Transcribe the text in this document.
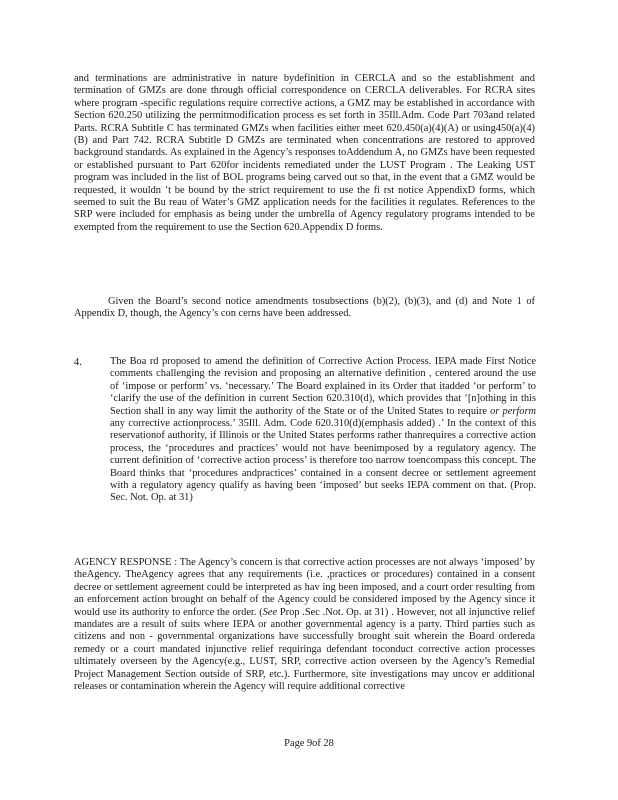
and terminations are administrative in nature bydefinition in CERCLA and so the establishment and termination of GMZs are done through official correspondence on CERCLA deliverables. For RCRA sites where program -specific regulations require corrective actions, a GMZ may be established in accordance with Section 620.250 utilizing the permitmodification process es set forth in 35Ill.Adm. Code Part 703and related Parts. RCRA Subtitle C has terminated GMZs when facilities either meet 620.450(a)(4)(A) or using450(a)(4)(B) and Part 742. RCRA Subtitle D GMZs are terminated when concentrations are restored to approved background standards. As explained in the Agency’s responses toAddendum A, no GMZs have been requested or established pursuant to Part 620for incidents remediated under the LUST Program . The Leaking UST program was included in the list of BOL programs being carved out so that, in the event that a GMZ would be requested, it wouldn ’t be bound by the strict requirement to use the fi rst notice AppendixD forms, which seemed to suit the Bu reau of Water’s GMZ application needs for the facilities it regulates. References to the SRP were included for emphasis as being under the umbrella of Agency regulatory programs intended to be exempted from the requirement to use the Section 620.Appendix D forms.

Given the Board’s second notice amendments tosubsections (b)(2), (b)(3), and (d) and Note 1 of Appendix D, though, the Agency’s con cerns have been addressed.

4.	The Boa rd proposed to amend the definition of Corrective Action Process. IEPA made First Notice comments challenging the revision and proposing an alternative definition , centered around the use of ‘impose or perform’ vs. ‘necessary.’ The Board explained in its Order that itadded ‘or perform’ to ‘clarify the use of the definition in current Section 620.310(d), which provides that ‘[n]othing in this Section shall in any way limit the authority of the State or of the United States to require or perform any corrective actionprocess.’ 35Ill. Adm. Code 620.310(d)(emphasis added) .’ In the context of this reservationof authority, if Illinois or the United States performs rather thanrequires a corrective action process, the ‘procedures and practices’ would not have beenimposed by a regulatory agency. The current definition of ‘corrective action process’ is therefore too narrow toencompass this concept. The Board thinks that ‘procedures andpractices’ contained in a consent decree or settlement agreement with a regulatory agency qualify as having been ‘imposed’ but seeks IEPA comment on that. (Prop. Sec. Not. Op. at 31)

AGENCY RESPONSE : The Agency’s concern is that corrective action processes are not always ‘imposed’ by theAgency. TheAgency agrees that any requirements (i.e. ,practices or procedures) contained in a consent decree or settlement agreement could be interpreted as hav ing been imposed, and a court order resulting from an enforcement action brought on behalf of the Agency could be considered imposed by the Agency since it would use its authority to enforce the order. (See Prop .Sec .Not. Op. at 31) . However, not all injunctive relief mandates are a result of suits where IEPA or another governmental agency is a party. Third parties such as citizens and non - governmental organizations have successfully brought suit wherein the Board ordereda remedy or a court mandated injunctive relief requiringa defendant toconduct corrective action processes ultimately overseen by the Agency(e.g., LUST, SRP, corrective action overseen by the Agency’s Remedial Project Management Section outside of SRP, etc.). Furthermore, site investigations may uncov er additional releases or contamination wherein the Agency will require additional corrective

Page 9of 28
